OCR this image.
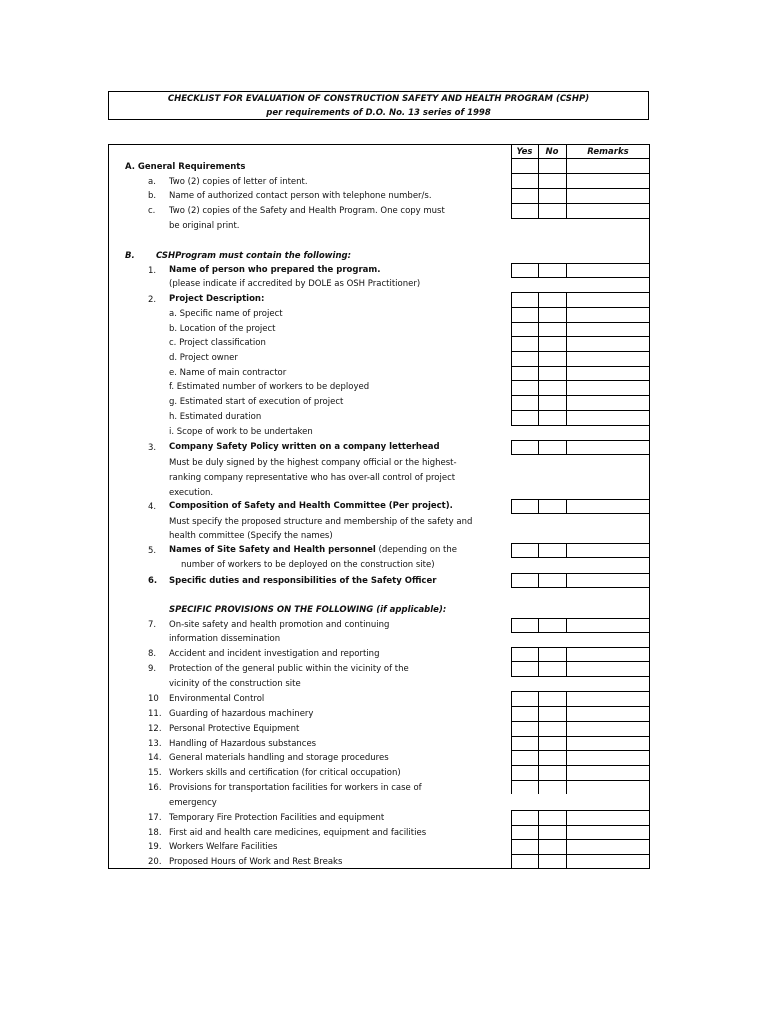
CHECKLIST FOR EVALUATION OF CONSTRUCTION SAFETY AND HEALTH PROGRAM (CSHP)
per requirements of D.O. No. 13 series of 1998
Yes	No	Remarks
A. General Requirements
a.	Two (2) copies of letter of intent.
b.	Name of authorized contact person with telephone number/s.
c.	Two (2) copies of the Safety and Health Program. One copy must
be original print.
B.	CSHProgram must contain the following:
1.	Name of person who prepared the program.
(please indicate if accredited by DOLE as OSH Practitioner)
2.	Project Description:
a. Specific name of project
b. Location of the project
c. Project classification
d. Project owner
e. Name of main contractor
f. Estimated number of workers to be deployed
g. Estimated start of execution of project
h. Estimated duration
i. Scope of work to be undertaken
3.	Company Safety Policy written on a company letterhead
Must be duly signed by the highest company official or the highest-
ranking company representative who has over-all control of project
execution.
4.	Composition of Safety and Health Committee (Per project).
Must specify the proposed structure and membership of the safety and
health committee (Specify the names)
5.	Names of Site Safety and Health personnel (depending on the
number of workers to be deployed on the construction site)
6.	Specific duties and responsibilities of the Safety Officer
SPECIFIC PROVISIONS ON THE FOLLOWING (if applicable):
7.	On-site safety and health promotion and continuing
information dissemination
8.	Accident and incident investigation and reporting
9.	Protection of the general public within the vicinity of the
vicinity of the construction site
10	Environmental Control
11. Guarding of hazardous machinery
12. Personal Protective Equipment
13. Handling of Hazardous substances
14. General materials handling and storage procedures
15. Workers skills and certification (for critical occupation)
16. Provisions for transportation facilities for workers in case of
emergency
17. Temporary Fire Protection Facilities and equipment
18. First aid and health care medicines, equipment and facilities
19. Workers Welfare Facilities
20. Proposed Hours of Work and Rest Breaks
